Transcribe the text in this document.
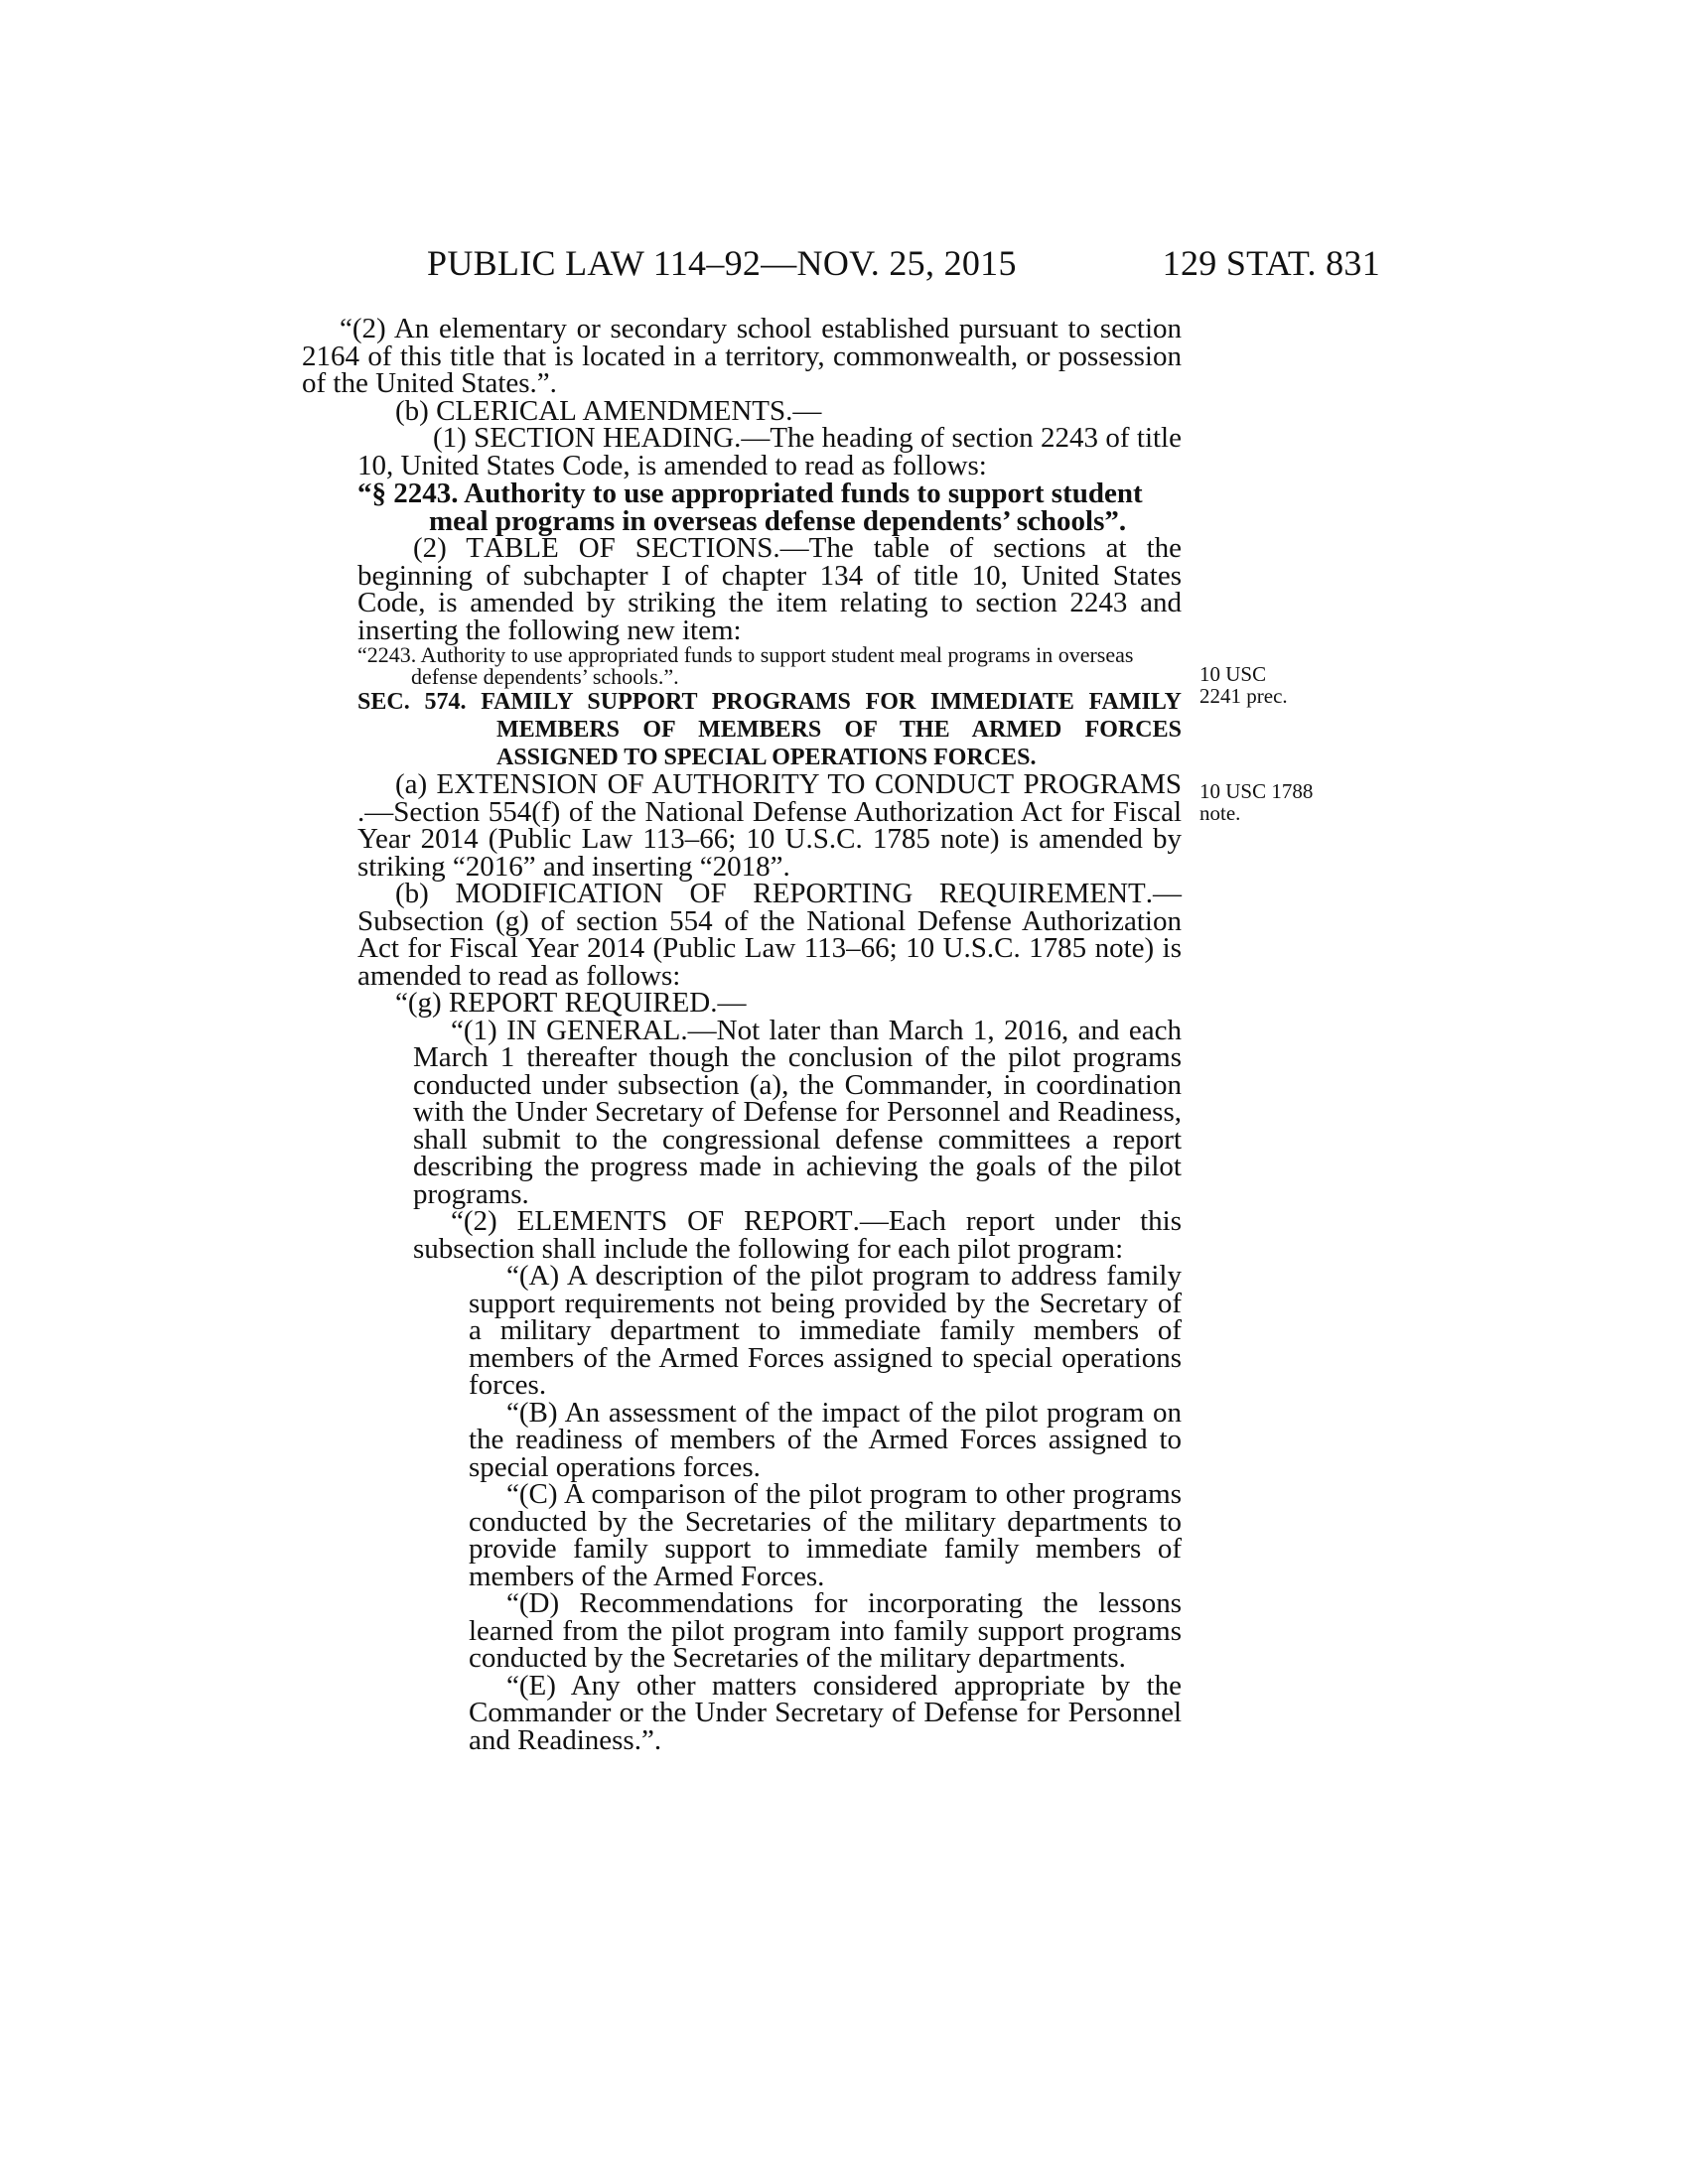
PUBLIC LAW 114–92—NOV. 25, 2015	129 STAT. 831

“(2) An elementary or secondary school established pursuant to section 2164 of this title that is located in a territory, commonwealth, or possession of the United States.”.

(b) CLERICAL AMENDMENTS.—

(1) SECTION HEADING.—The heading of section 2243 of title 10, United States Code, is amended to read as follows:

“§ 2243. Authority to use appropriated funds to support student meal programs in overseas defense dependents’ schools”.

(2) TABLE OF SECTIONS.—The table of sections at the beginning of subchapter I of chapter 134 of title 10, United States Code, is amended by striking the item relating to section 2243 and inserting the following new item:

“2243. Authority to use appropriated funds to support student meal programs in overseas defense dependents’ schools.”.

SEC. 574. FAMILY SUPPORT PROGRAMS FOR IMMEDIATE FAMILY MEMBERS OF MEMBERS OF THE ARMED FORCES ASSIGNED TO SPECIAL OPERATIONS FORCES.

(a) EXTENSION OF AUTHORITY TO CONDUCT PROGRAMS .—Section 554(f) of the National Defense Authorization Act for Fiscal Year 2014 (Public Law 113–66; 10 U.S.C. 1785 note) is amended by striking “2016” and inserting “2018”.

(b) MODIFICATION OF REPORTING REQUIREMENT.—Subsection (g) of section 554 of the National Defense Authorization Act for Fiscal Year 2014 (Public Law 113–66; 10 U.S.C. 1785 note) is amended to read as follows:

“(g) REPORT REQUIRED.—

“(1) IN GENERAL.—Not later than March 1, 2016, and each March 1 thereafter though the conclusion of the pilot programs conducted under subsection (a), the Commander, in coordination with the Under Secretary of Defense for Personnel and Readiness, shall submit to the congressional defense committees a report describing the progress made in achieving the goals of the pilot programs.

“(2) ELEMENTS OF REPORT.—Each report under this subsection shall include the following for each pilot program:

“(A) A description of the pilot program to address family support requirements not being provided by the Secretary of a military department to immediate family members of members of the Armed Forces assigned to special operations forces.

“(B) An assessment of the impact of the pilot program on the readiness of members of the Armed Forces assigned to special operations forces.

“(C) A comparison of the pilot program to other programs conducted by the Secretaries of the military departments to provide family support to immediate family members of members of the Armed Forces.

“(D) Recommendations for incorporating the lessons learned from the pilot program into family support programs conducted by the Secretaries of the military departments.

“(E) Any other matters considered appropriate by the Commander or the Under Secretary of Defense for Personnel and Readiness.”.

10 USC
2241 prec.
10 USC 1788
note.
